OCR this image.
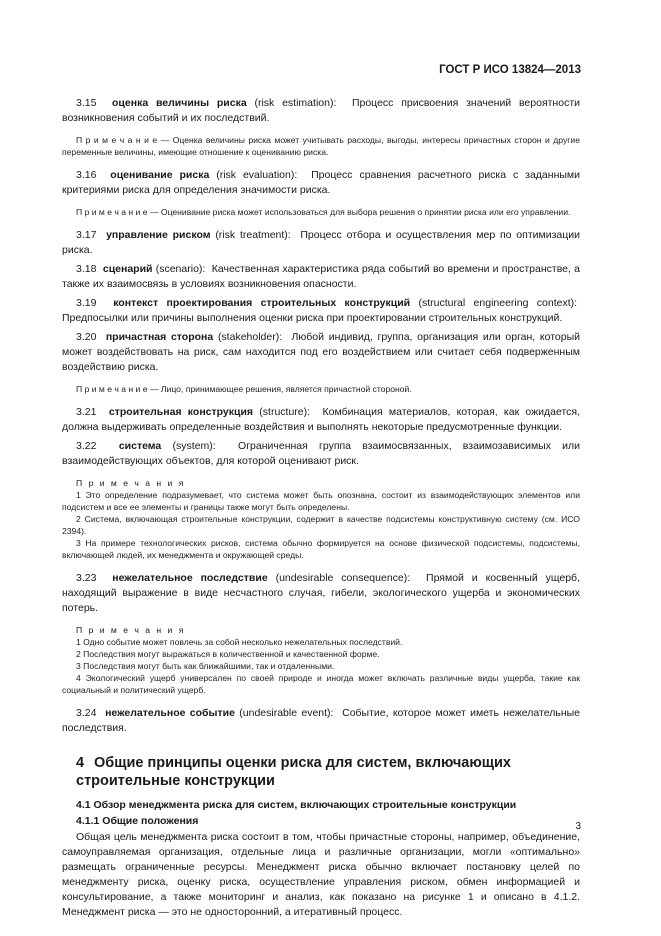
ГОСТ Р ИСО 13824—2013

3.15 оценка величины риска (risk estimation): Процесс присвоения значений вероятности возникновения событий и их последствий.

П р и м е ч а н и е — Оценка величины риска может учитывать расходы, выгоды, интересы причастных сторон и другие переменные величины, имеющие отношение к оцениванию риска.

3.16 оценивание риска (risk evaluation): Процесс сравнения расчетного риска с заданными критериями риска для определения значимости риска.

П р и м е ч а н и е — Оценивание риска может использоваться для выбора решения о принятии риска или его управлении.

3.17 управление риском (risk treatment): Процесс отбора и осуществления мер по оптимизации риска.

3.18 сценарий (scenario): Качественная характеристика ряда событий во времени и пространстве, а также их взаимосвязь в условиях возникновения опасности.

3.19 контекст проектирования строительных конструкций (structural engineering context):  Предпосылки или причины выполнения оценки риска при проектировании строительных конструкций.

3.20 причастная сторона (stakeholder): Любой индивид, группа, организация или орган, который может воздействовать на риск, сам находится под его воздействием или считает себя подверженным воздействию риска.

П р и м е ч а н и е — Лицо, принимающее решения, является причастной стороной.

3.21 строительная конструкция (structure): Комбинация материалов, которая, как ожидается, должна выдерживать определенные воздействия и выполнять некоторые предусмотренные функции.

3.22 система (system): Ограниченная группа взаимосвязанных, взаимозависимых или взаимодействующих объектов, для которой оценивают риск.

П р и м е ч а н и я

1 Это определение подразумевает, что система может быть опознана, состоит из взаимодействующих элементов или подсистем и все ее элементы и границы также могут быть определены.

2 Система, включающая строительные конструкции, содержит в качестве подсистемы конструктивную систему (см. ИСО 2394).

3 На примере технологических рисков, система обычно формируется на основе физической подсистемы, подсистемы, включающей людей, их менеджмента и окружающей среды.

3.23 нежелательное последствие (undesirable consequence): Прямой и косвенный ущерб, находящий выражение в виде несчастного случая, гибели, экологического ущерба и экономических потерь.

П р и м е ч а н и я

1 Одно событие может повлечь за собой несколько нежелательных последствий.

2 Последствия могут выражаться в количественной и качественной форме.

3 Последствия могут быть как ближайшими, так и отдаленными.

4 Экологический ущерб универсален по своей природе и иногда может включать различные виды ущерба, такие как социальный и политический ущерб.

3.24 нежелательное событие (undesirable event): Событие, которое может иметь нежелательные последствия.

4 Общие принципы оценки риска для систем, включающих строительные конструкции

4.1 Обзор менеджмента риска для систем, включающих строительные конструкции

4.1.1 Общие положения

Общая цель менеджмента риска состоит в том, чтобы причастные стороны, например, объединение, самоуправляемая организация, отдельные лица и различные организации, могли «оптимально» размещать ограниченные ресурсы. Менеджмент риска обычно включает постановку целей по менеджменту риска, оценку риска, осуществление управления риском, обмен информацией и консультирование, а также мониторинг и анализ, как показано на рисунке 1 и описано в 4.1.2. Менеджмент риска — это не односторонний, а итеративный процесс.

3
